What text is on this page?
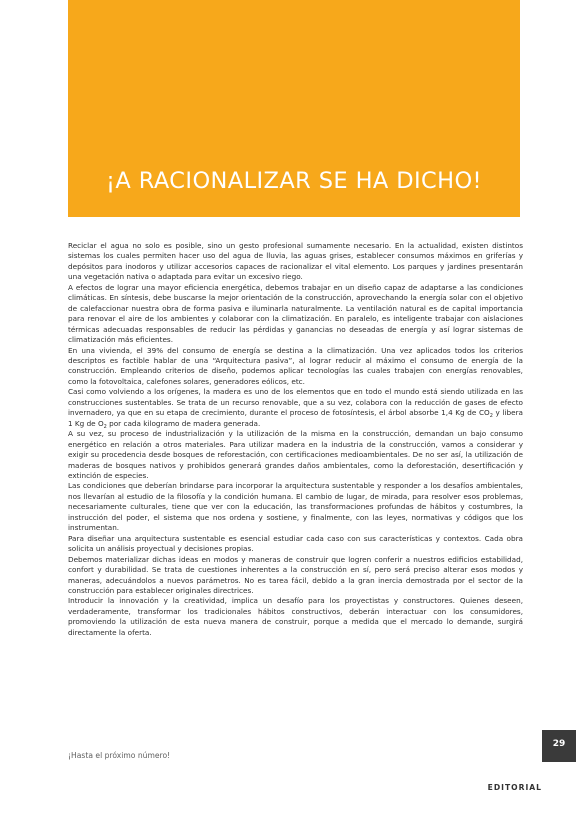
¡A RACIONALIZAR SE HA DICHO!

Reciclar el agua no solo es posible, sino un gesto profesional sumamente necesario. En la actualidad, existen distintos sistemas los cuales permiten hacer uso del agua de lluvia, las aguas grises, establecer consumos máximos en griferías y depósitos para inodoros y utilizar accesorios capaces de racionalizar el vital elemento. Los parques y jardines presentarán una vegetación nativa o adaptada para evitar un excesivo riego.

A efectos de lograr una mayor eficiencia energética, debemos trabajar en un diseño capaz de adaptarse a las condiciones climáticas. En síntesis, debe buscarse la mejor orientación de la construcción, aprovechando la energía solar con el objetivo de calefaccionar nuestra obra de forma pasiva e iluminarla naturalmente. La ventilación natural es de capital importancia para renovar el aire de los ambientes y colaborar con la climatización. En paralelo, es inteligente trabajar con aislaciones térmicas adecuadas responsables de reducir las pérdidas y ganancias no deseadas de energía y así lograr sistemas de climatización más eficientes.

En una vivienda, el 39% del consumo de energía se destina a la climatización. Una vez aplicados todos los criterios descriptos es factible hablar de una “Arquitectura pasiva”, al lograr reducir al máximo el consumo de energía de la construcción. Empleando criterios de diseño, podemos aplicar tecnologías las cuales trabajen con energías renovables, como la fotovoltaica, calefones solares, generadores eólicos, etc.

Casi como volviendo a los orígenes, la madera es uno de los elementos que en todo el mundo está siendo utilizada en las construcciones sustentables. Se trata de un recurso renovable, que a su vez, colabora con la reducción de gases de efecto invernadero, ya que en su etapa de crecimiento, durante el proceso de fotosíntesis, el árbol absorbe 1,4 Kg de $CO_2$ y libera 1 Kg de $O_2$ por cada kilogramo de madera generada.

A su vez, su proceso de industrialización y la utilización de la misma en la construcción, demandan un bajo consumo energético en relación a otros materiales. Para utilizar madera en la industria de la construcción, vamos a considerar y exigir su procedencia desde bosques de reforestación, con certificaciones medioambientales. De no ser así, la utilización de maderas de bosques nativos y prohibidos generará grandes daños ambientales, como la deforestación, desertificación y extinción de especies.

Las condiciones que deberían brindarse para incorporar la arquitectura sustentable y responder a los desafíos ambientales, nos llevarían al estudio de la filosofía y la condición humana. El cambio de lugar, de mirada, para resolver esos problemas, necesariamente culturales, tiene que ver con la educación, las transformaciones profundas de hábitos y costumbres, la instrucción del poder, el sistema que nos ordena y sostiene, y finalmente, con las leyes, normativas y códigos que los instrumentan.

Para diseñar una arquitectura sustentable es esencial estudiar cada caso con sus características y contextos. Cada obra solicita un análisis proyectual y decisiones propias.

Debemos materializar dichas ideas en modos y maneras de construir que logren conferir a nuestros edificios estabilidad, confort y durabilidad. Se trata de cuestiones inherentes a la construcción en sí, pero será preciso alterar esos modos y maneras, adecuándolos a nuevos parámetros. No es tarea fácil, debido a la gran inercia demostrada por el sector de la construcción para establecer originales directrices.

Introducir la innovación y la creatividad, implica un desafío para los proyectistas y constructores. Quienes deseen, verdaderamente, transformar los tradicionales hábitos constructivos, deberán interactuar con los consumidores, promoviendo la utilización de esta nueva manera de construir, porque a medida que el mercado lo demande, surgirá directamente la oferta.

¡Hasta el próximo número!
29
EDITORIAL
